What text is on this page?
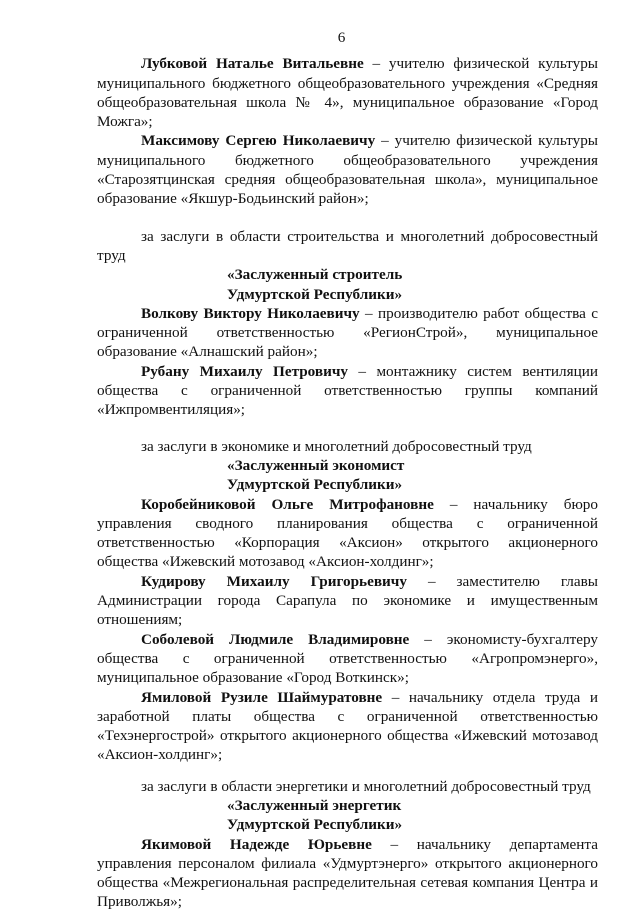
6

Лубковой Наталье Витальевне – учителю физической культуры муниципального бюджетного общеобразовательного учреждения «Средняя общеобразовательная школа № 4», муниципальное образование «Город Можга»;

Максимову Сергею Николаевичу – учителю физической культуры муниципального бюджетного общеобразовательного учреждения «Старозятцинская средняя общеобразовательная школа», муниципальное образование «Якшур-Бодьинский район»;

за заслуги в области строительства и многолетний добросовестный труд

«Заслуженный строитель
Удмуртской Республики»

Волкову Виктору Николаевичу – производителю работ общества с ограниченной ответственностью «РегионСтрой», муниципальное образование «Алнашский район»;

Рубану Михаилу Петровичу – монтажнику систем вентиляции общества с ограниченной ответственностью группы компаний «Ижпромвентиляция»;

за заслуги в экономике и многолетний добросовестный труд

«Заслуженный экономист
Удмуртской Республики»

Коробейниковой Ольге Митрофановне – начальнику бюро управления сводного планирования общества с ограниченной ответственностью «Корпорация «Аксион» открытого акционерного общества «Ижевский мотозавод «Аксион-холдинг»;

Кудирову Михаилу Григорьевичу – заместителю главы Администрации города Сарапула по экономике и имущественным отношениям;

Соболевой Людмиле Владимировне – экономисту-бухгалтеру общества с ограниченной ответственностью «Агропромэнерго», муниципальное образование «Город Воткинск»;

Ямиловой Рузиле Шаймуратовне – начальнику отдела труда и заработной платы общества с ограниченной ответственностью «Техэнергострой» открытого акционерного общества «Ижевский мотозавод «Аксион-холдинг»;

за заслуги в области энергетики и многолетний добросовестный труд

«Заслуженный энергетик
Удмуртской Республики»

Якимовой Надежде Юрьевне – начальнику департамента управления персоналом филиала «Удмуртэнерго» открытого акционерного общества «Межрегиональная распределительная сетевая компания Центра и Приволжья»;
